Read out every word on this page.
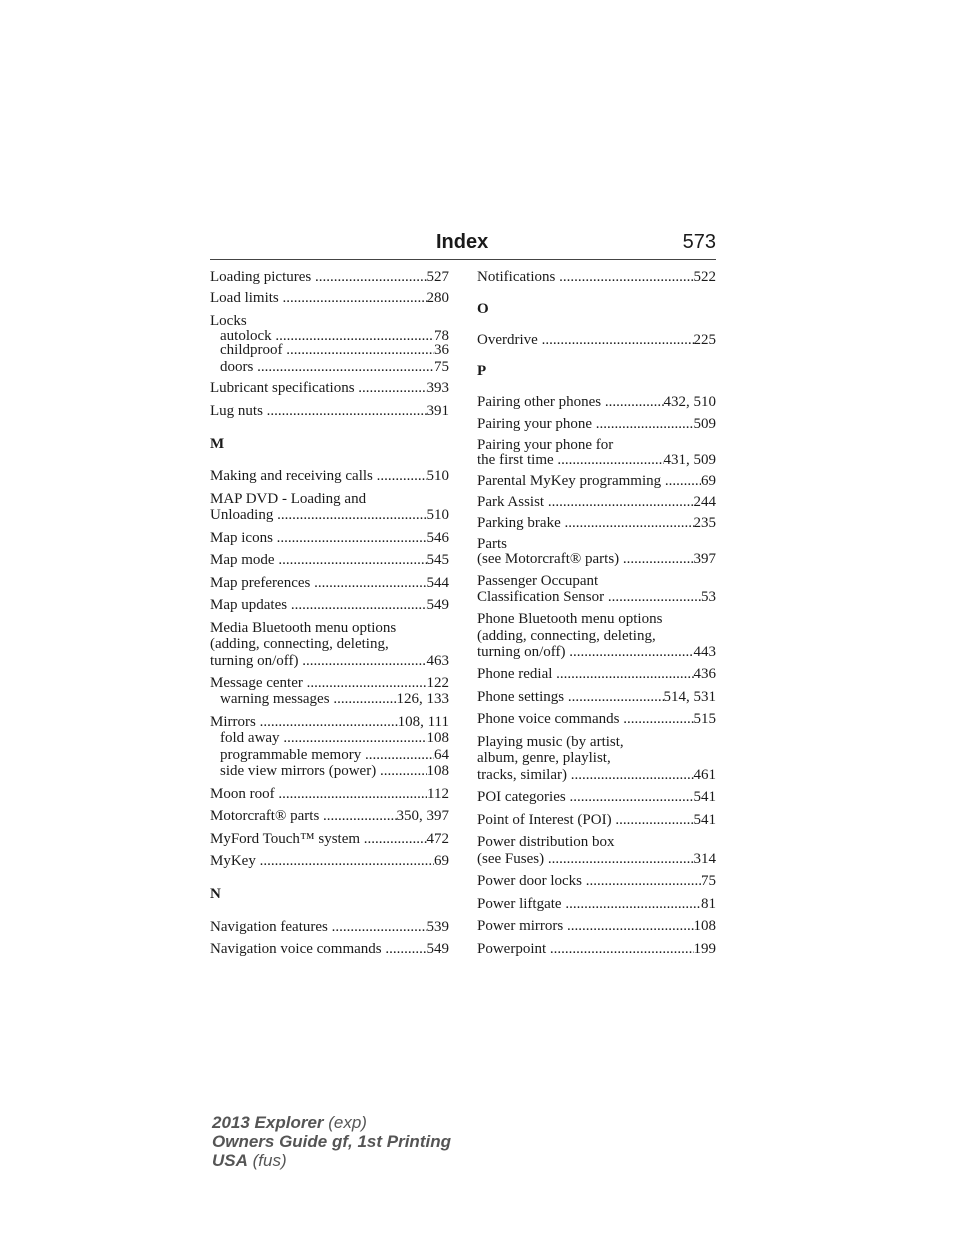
Index	573
Loading pictures .....	527
Load limits .....	280
Locks
autolock .....	78
childproof .....	36
doors .....	75
Lubricant specifications .....	393
Lug nuts .....	391
M
Making and receiving calls .....	510
MAP DVD - Loading and
Unloading .....	510
Map icons .....	546
Map mode .....	545
Map preferences .....	544
Map updates .....	549
Media Bluetooth menu options
(adding, connecting, deleting,
turning on/off) .....	463
Message center .....	122
warning messages .....	126, 133
Mirrors .....	108, 111
fold away .....	108
programmable memory .....	64
side view mirrors (power) .....	108
Moon roof .....	112
Motorcraft® parts .....	350, 397
MyFord Touch™ system .....	472
MyKey .....	69
N
Navigation features .....	539
Navigation voice commands .....	549
Notifications .....	522
O
Overdrive .....	225
P
Pairing other phones .....	432, 510
Pairing your phone .....	509
Pairing your phone for
the first time .....	431, 509
Parental MyKey programming ..... 69
Park Assist .....	244
Parking brake .....	235
Parts
(see Motorcraft® parts) .....	397
Passenger Occupant
Classification Sensor .....	53
Phone Bluetooth menu options
(adding, connecting, deleting,
turning on/off) .....	443
Phone redial .....	436
Phone settings .....	514, 531
Phone voice commands .....	515
Playing music (by artist,
album, genre, playlist,
tracks, similar) .....	461
POI categories .....	541
Point of Interest (POI) .....	541
Power distribution box
(see Fuses) .....	314
Power door locks .....	75
Power liftgate .....	81
Power mirrors .....	108
Powerpoint .....	199
2013 Explorer (exp)
Owners Guide gf, 1st Printing
USA (fus)
